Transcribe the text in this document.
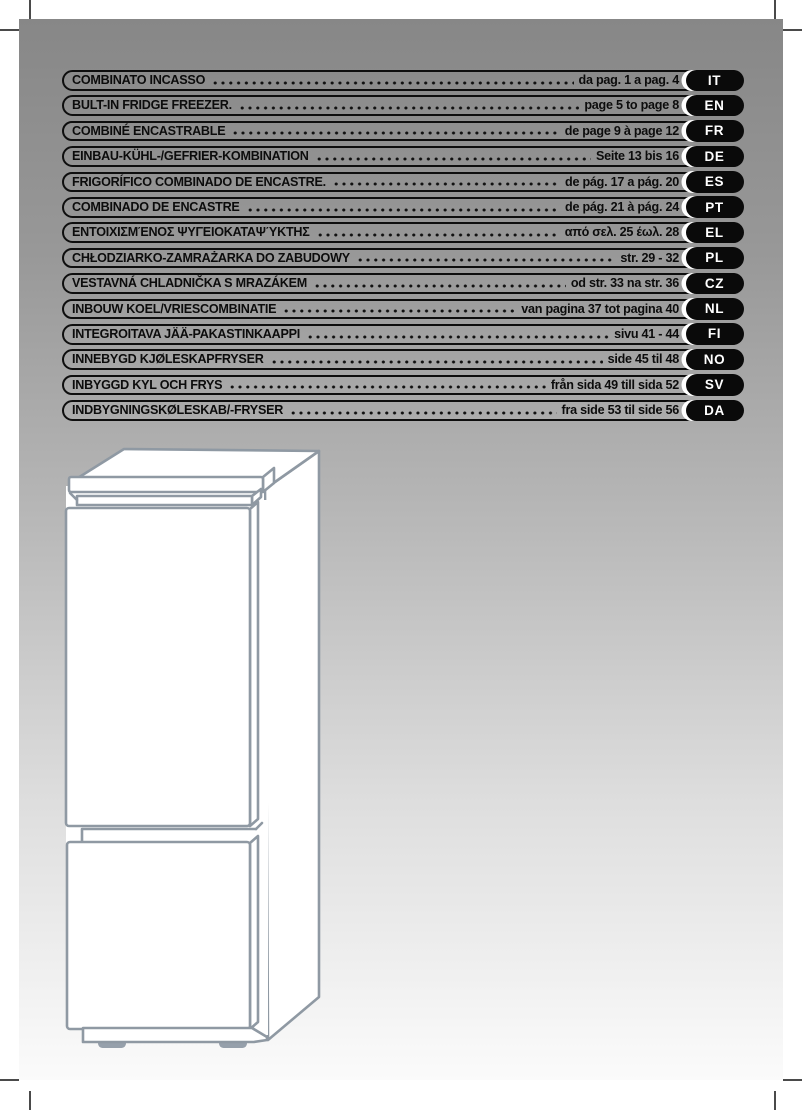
COMBINATO INCASSO	da pag. 1 a pag. 4	IT
BULT-IN FRIDGE FREEZER.	page 5 to page 8	EN
COMBINÉ ENCASTRABLE	de page 9 à page 12	FR
EINBAU-KÜHL-/GEFRIER-KOMBINATION	Seite 13 bis 16	DE
FRIGORÍFICO COMBINADO DE ENCASTRE.	de pág. 17 a pág. 20	ES
COMBINADO DE ENCASTRE	de pág. 21 à pág. 24	PT
ΕΝΤΟΙΧΙΣΜΈΝΟΣ ΨΥΓΕΙΟΚΑΤΑΨΎΚΤΗΣ	από σελ. 25 έωλ. 28	EL
CHŁODZIARKO-ZAMRAŻARKA DO ZABUDOWY	str. 29 - 32	PL
VESTAVNÁ CHLADNIČKA S MRAZÁKEM	od str. 33 na str. 36	CZ
INBOUW KOEL/VRIESCOMBINATIE	van pagina 37 tot pagina 40	NL
INTEGROITAVA JÄÄ-PAKASTINKAAPPI	sivu 41 - 44	FI
INNEBYGD KJØLESKAPFRYSER	side 45 til 48	NO
INBYGGD KYL OCH FRYS	från sida 49 till sida 52	SV
INDBYGNINGSKØLESKAB/-FRYSER	fra side 53 til side 56	DA
